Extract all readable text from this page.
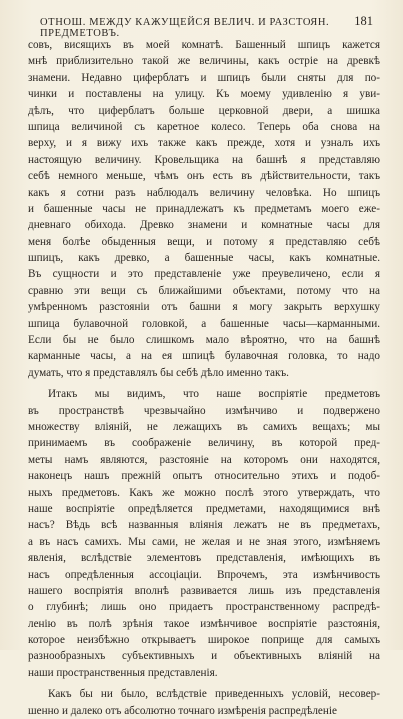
ОТНОШ. МЕЖДУ КАЖУЩЕЙСЯ ВЕЛИЧ. И РАЗСТОЯН. ПРЕДМЕТОВЪ.
181
совъ, висящихъ въ моей комнатѣ. Башенный шпицъ кажется
мнѣ приблизительно такой же величины, какъ остріе на древкѣ
знамени. Недавно циферблатъ и шпицъ были сняты для по-
чинки и поставлены на улицу. Къ моему удивленію я уви-
дѣлъ, что циферблатъ больше церковной двери, а шишка
шпица величиной съ каретное колесо. Теперь оба снова на
верху, и я вижу ихъ также какъ прежде, хотя и узналъ ихъ
настоящую величину. Кровельщика на башнѣ я представляю
себѣ немного меньше, чѣмъ онъ есть въ дѣйствительности, такъ
какъ я сотни разъ наблюдалъ величину человѣка. Но шпицъ
и башенные часы не принадлежатъ къ предметамъ моего еже-
дневнаго обихода. Древко знамени и комнатные часы для
меня болѣе обыденныя вещи, и потому я представляю себѣ
шпицъ, какъ древко, а башенные часы, какъ комнатные.
Въ сущности и это представленіе уже преувеличено, если я
сравню эти вещи съ ближайшими объектами, потому что на
умѣренномъ разстояніи отъ башни я могу закрыть верхушку
шпица булавочной головкой, а башенные часы—карманными.
Если бы не было слишкомъ мало вѣроятно, что на башнѣ
карманные часы, а на ея шпицѣ булавочная головка, то надо
думать, что я представлялъ бы себѣ дѣло именно такъ.
Итакъ мы видимъ, что наше воспріятіе предметовъ
въ пространствѣ чрезвычайно измѣнчиво и подвержено
множеству вліяній, не лежащихъ въ самихъ вещахъ; мы
принимаемъ въ соображеніе величину, въ которой пред-
меты намъ являются, разстояніе на которомъ они находятся,
наконецъ нашъ прежній опытъ относительно этихъ и подоб-
ныхъ предметовъ. Какъ же можно послѣ этого утверждать, что
наше воспріятіе опредѣляется предметами, находящимися внѣ
насъ? Вѣдь всѣ названныя вліянія лежатъ не въ предметахъ,
а въ насъ самихъ. Мы сами, не желая и не зная этого, измѣняемъ
явленія, вслѣдствіе элементовъ представленія, имѣющихъ въ
насъ опредѣленныя ассоціаціи. Впрочемъ, эта измѣнчивость
нашего воспріятія вполнѣ развивается лишь изъ представленія
о глубинѣ; лишь оно придаетъ пространственному распредѣ-
ленію въ полѣ зрѣнія такое измѣнчивое воспріятіе разстоянія,
которое неизбѣжно открываетъ широкое поприще для самыхъ
разнообразныхъ субъективныхъ и объективныхъ вліяній на
наши пространственныя представленія.
Какъ бы ни было, вслѣдствіе приведенныхъ условій, несовер-
шенно и далеко отъ абсолютно точнаго измѣренія распредѣленіе
